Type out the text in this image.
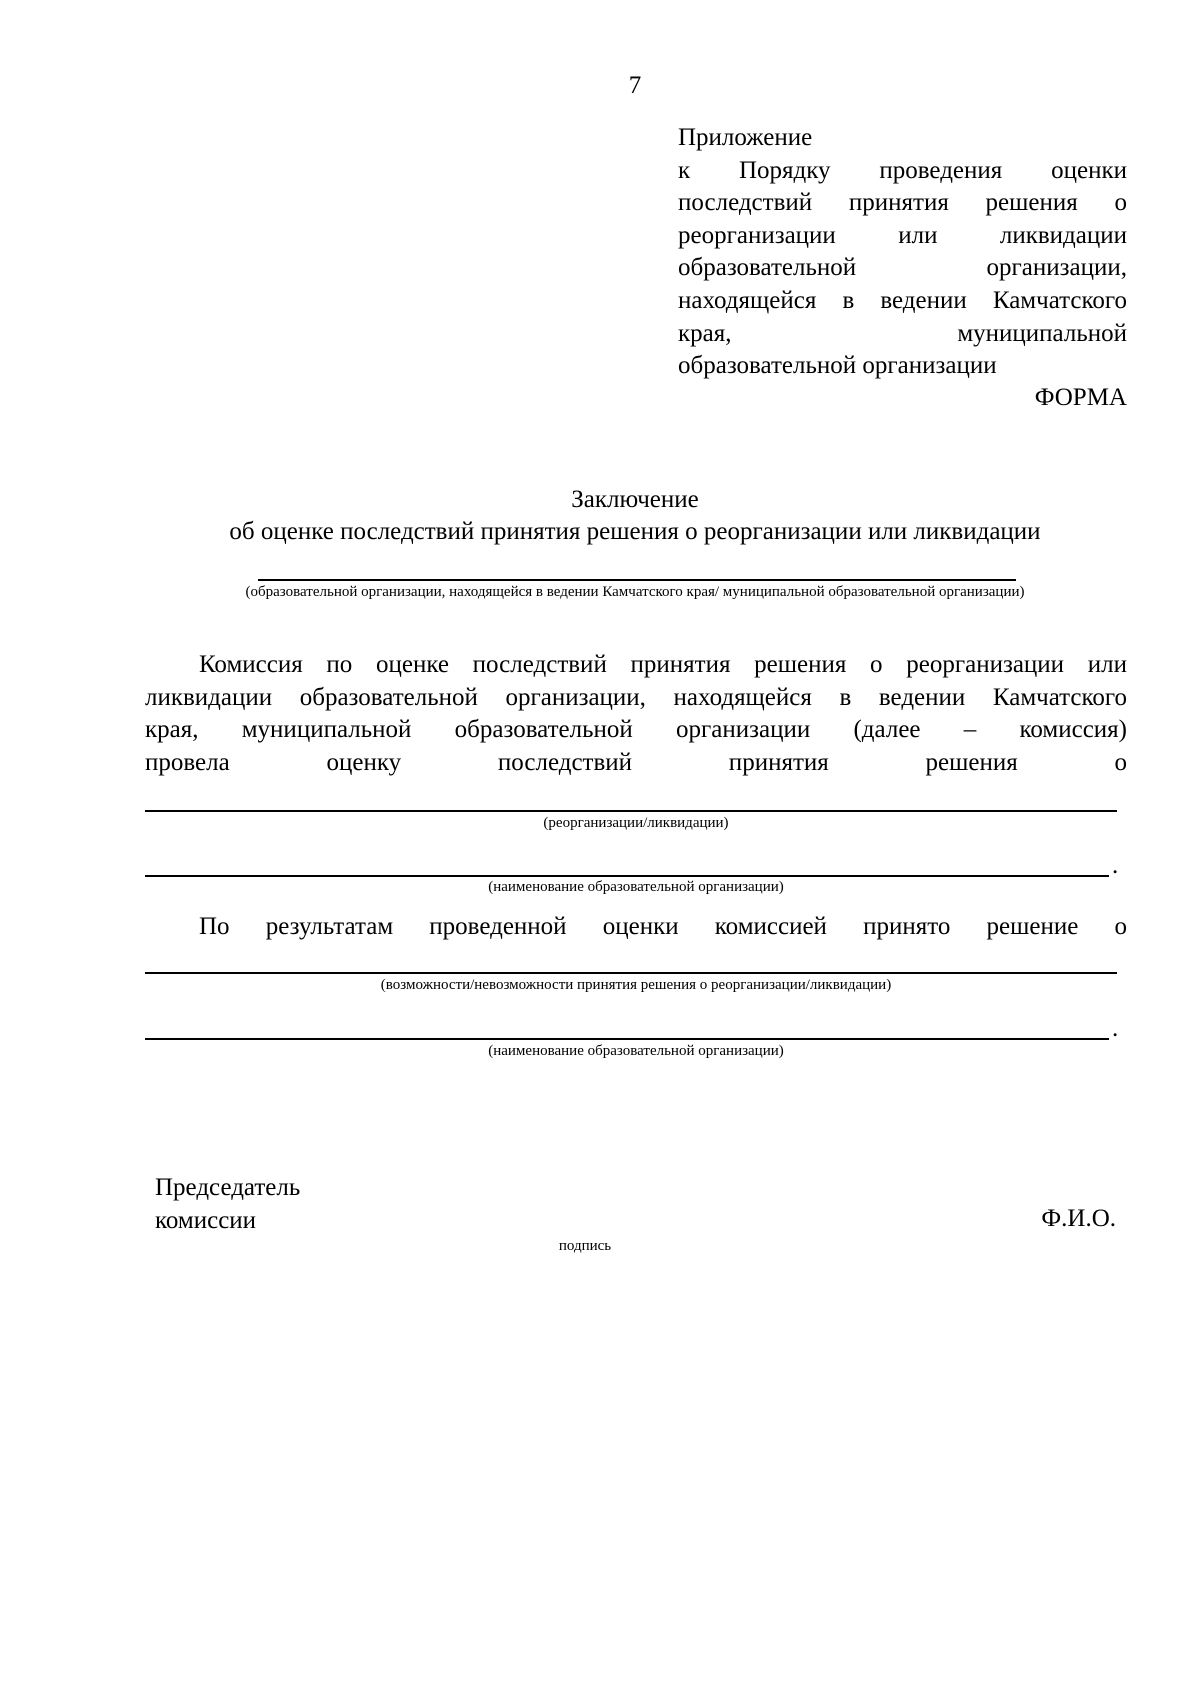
7
Приложение
к Порядку проведения оценки
последствий принятия решения о
реорганизации или ликвидации
образовательной организации,
находящейся в ведении Камчатского
края, муниципальной
образовательной организации
ФОРМА
Заключение
об оценке последствий принятия решения о реорганизации или ликвидации
(образовательной организации, находящейся в ведении Камчатского края/ муниципальной образовательной организации)
Комиссия по оценке последствий принятия решения о реорганизации или
ликвидации образовательной организации, находящейся в ведении Камчатского
края, муниципальной образовательной организации (далее – комиссия)
провела оценку последствий принятия решения о
(реорганизации/ликвидации)
.
(наименование образовательной организации)
По результатам проведенной оценки комиссией принято решение о
(возможности/невозможности принятия решения о реорганизации/ликвидации)
.
(наименование образовательной организации)
Председатель
комиссии
подпись
Ф.И.О.
